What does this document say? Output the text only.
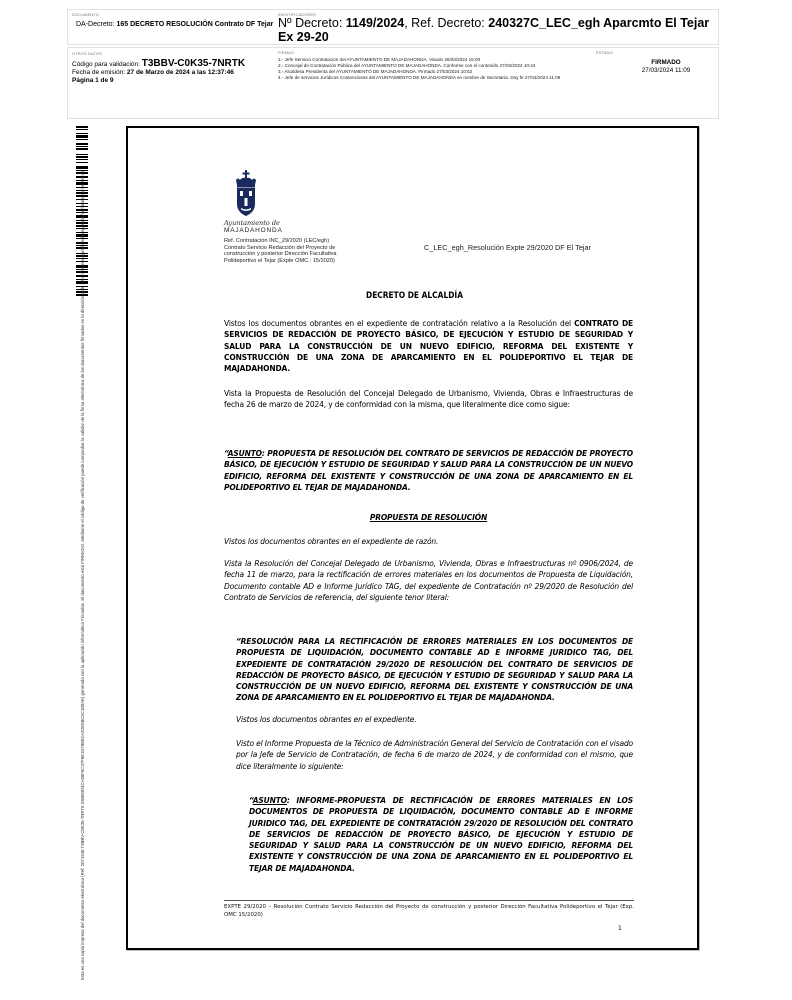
DOCUMENTO
DA-Decreto: 165 DECRETO RESOLUCIÓN Contrato DF Tejar
IDENTIFICADORES
Nº Decreto: 1149/2024, Ref. Decreto: 240327C_LEC_egh Aparcmto El Tejar Ex 29-20
OTROS DATOS
Código para validación: T3BBV-C0K35-7NRTK
Fecha de emisión: 27 de Marzo de 2024 a las 12:37:46
Página 1 de 9
FIRMAS
1.- Jefe Servicio Contratacion del AYUNTAMIENTO DE MAJADAHONDA. Visado 26/03/2024 15:00
2.- Concejal de Contratación Pública del AYUNTAMIENTO DE MAJADAHONDA. Conforme con el contenido 27/03/2024 10:44
3.- Alcaldesa Presidenta del AYUNTAMIENTO DE MAJADAHONDA. Firmado 27/03/2024 10:52
4.- Jefe de servicios Jurídicos Contenciosos del AYUNTAMIENTO DE MAJADAHONDA en nombre de Secretaría. Doy fe 27/03/2024 11:09
ESTADO
FIRMADO
27/03/2024 11:09
Esta es una copia impresa del documento electrónico (Ref: 2071948 T3BBV-C0K35-7NRTK E6B83D4CA58F6C37F6E1D788E2A2DE6BC5C100AE) generada con la aplicación informática Firmadoc. El documento está FIRMADO. Mediante el código de verificación puede comprobar la validez de la firma electrónica de los documentos firmados en la dirección web: https://sede.majadahonda.org/portal/verificaDocumentos.do	Ayuntamiento de
MAJADAHONDA
Ref. Contratación INC_29/2020 (LEC/egh)
Contrato Servicio Redacción del Proyecto de
construcción y posterior Dirección Facultativa
Polideportivo el Tejar (Expte OMC.: 15/2020)
C_LEC_egh_Resolución Expte 29/2020 DF El Tejar
DECRETO DE ALCALDÍA
Vistos los documentos obrantes en el expediente de contratación relativo a la Resolución del CONTRATO DE SERVICIOS DE REDACCIÓN DE PROYECTO BÁSICO, DE EJECUCIÓN Y ESTUDIO DE SEGURIDAD Y SALUD PARA LA CONSTRUCCIÓN DE UN NUEVO EDIFICIO, REFORMA DEL EXISTENTE Y CONSTRUCCIÓN DE UNA ZONA DE APARCAMIENTO EN EL POLIDEPORTIVO EL TEJAR DE MAJADAHONDA.
Vista la Propuesta de Resolución del Concejal Delegado de Urbanismo, Vivienda, Obras e Infraestructuras de fecha 26 de marzo de 2024, y de conformidad con la misma, que literalmente dice como sigue:
“ASUNTO: PROPUESTA DE RESOLUCIÓN DEL CONTRATO DE SERVICIOS DE REDACCIÓN DE PROYECTO BÁSICO, DE EJECUCIÓN Y ESTUDIO DE SEGURIDAD Y SALUD PARA LA CONSTRUCCIÓN DE UN NUEVO EDIFICIO, REFORMA DEL EXISTENTE Y CONSTRUCCIÓN DE UNA ZONA DE APARCAMIENTO EN EL POLIDEPORTIVO EL TEJAR DE MAJADAHONDA.
PROPUESTA DE RESOLUCIÓN
Vistos los documentos obrantes en el expediente de razón.
Vista la Resolución del Concejal Delegado de Urbanismo, Vivienda, Obras e Infraestructuras nº 0906/2024, de fecha 11 de marzo, para la rectificación de errores materiales en los documentos de Propuesta de Liquidación, Documento contable AD e Informe Jurídico TAG, del expediente de Contratación nº 29/2020 de Resolución del Contrato de Servicios de referencia, del siguiente tenor literal:
“RESOLUCIÓN PARA LA RECTIFICACIÓN DE ERRORES MATERIALES EN LOS DOCUMENTOS DE PROPUESTA DE LIQUIDACIÓN, DOCUMENTO CONTABLE AD E INFORME JURIDICO TAG, DEL EXPEDIENTE DE CONTRATACIÓN 29/2020 DE RESOLUCIÓN DEL CONTRATO DE SERVICIOS DE REDACCIÓN DE PROYECTO BÁSICO, DE EJECUCIÓN Y ESTUDIO DE SEGURIDAD Y SALUD PARA LA CONSTRUCCIÓN DE UN NUEVO EDIFICIO, REFORMA DEL EXISTENTE Y CONSTRUCCIÓN DE UNA ZONA DE APARCAMIENTO EN EL POLIDEPORTIVO EL TEJAR DE MAJADAHONDA.
Vistos los documentos obrantes en el expediente.
Visto el Informe Propuesta de la Técnico de Administración General del Servicio de Contratación con el visado por la Jefe de Servicio de Contratación, de fecha 6 de marzo de 2024, y de conformidad con el mismo, que dice literalmente lo siguiente:
“ASUNTO: INFORME-PROPUESTA DE RECTIFICACIÓN DE ERRORES MATERIALES EN LOS DOCUMENTOS DE PROPUESTA DE LIQUIDACIÓN, DOCUMENTO CONTABLE AD E INFORME JURIDICO TAG, DEL EXPEDIENTE DE CONTRATACIÓN 29/2020 DE RESOLUCIÓN DEL CONTRATO DE SERVICIOS DE REDACCIÓN DE PROYECTO BÁSICO, DE EJECUCIÓN Y ESTUDIO DE SEGURIDAD Y SALUD PARA LA CONSTRUCCIÓN DE UN NUEVO EDIFICIO, REFORMA DEL EXISTENTE Y CONSTRUCCIÓN DE UNA ZONA DE APARCAMIENTO EN EL POLIDEPORTIVO EL TEJAR DE MAJADAHONDA.
EXPTE 29/2020 – Resolución Contrato Servicio Redacción del Proyecto de construcción y posterior Dirección Facultativa Polideportivo el Tejar (Exp. OMC 15/2020)
1
